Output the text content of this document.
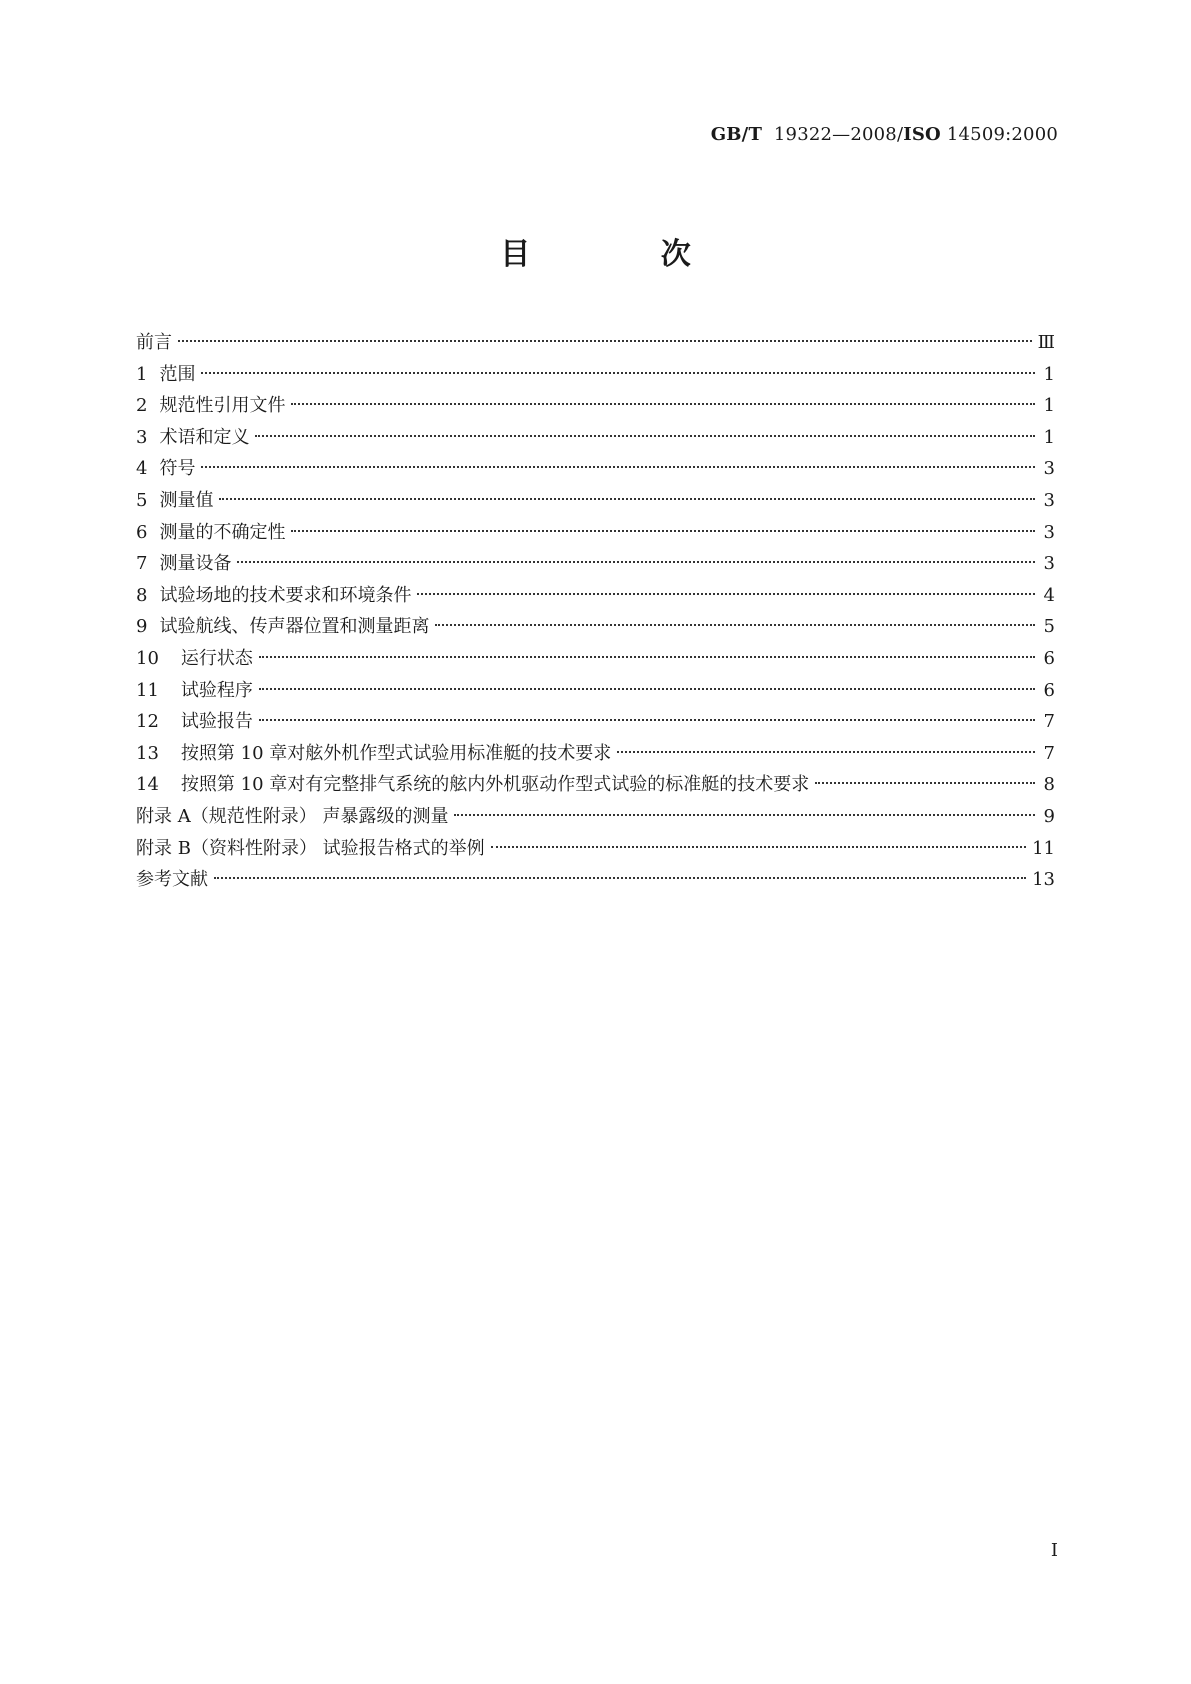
GB/T 19322—2008/ISO 14509:2000
目 次
前言	Ⅲ
1 范围	1
2 规范性引用文件	1
3 术语和定义	1
4 符号	3
5 测量值	3
6 测量的不确定性	3
7 测量设备	3
8 试验场地的技术要求和环境条件	4
9 试验航线、传声器位置和测量距离	5
10 运行状态	6
11 试验程序	6
12 试验报告	7
13 按照第 10 章对舷外机作型式试验用标准艇的技术要求	7
14 按照第 10 章对有完整排气系统的舷内外机驱动作型式试验的标准艇的技术要求	8
附录 A（规范性附录） 声暴露级的测量	9
附录 B（资料性附录） 试验报告格式的举例	11
参考文献	13
I
